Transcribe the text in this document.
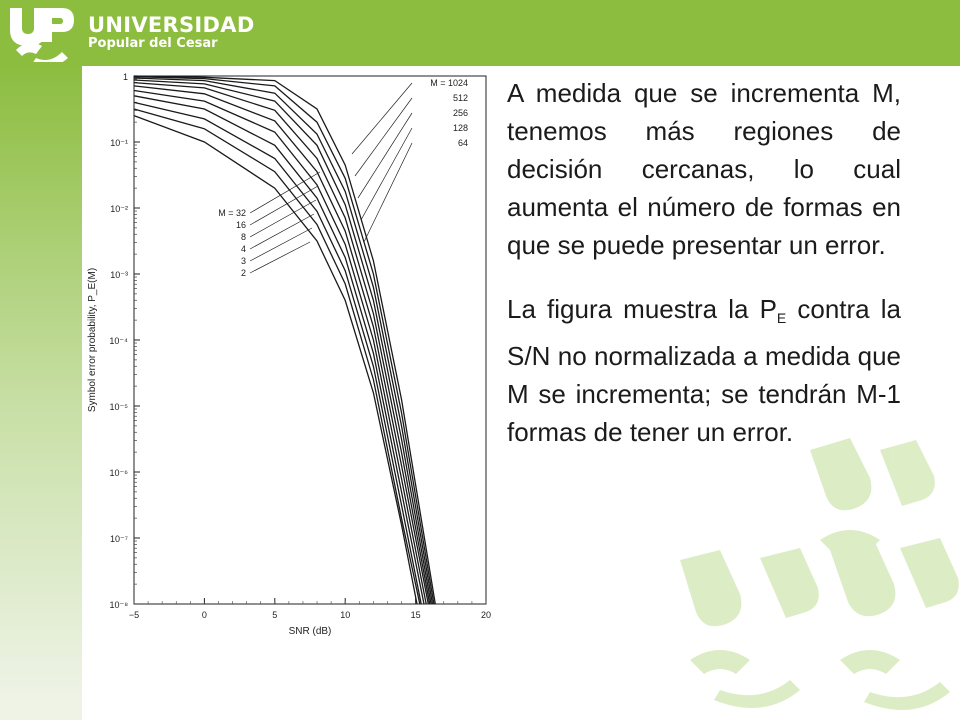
UNIVERSIDAD
Popular del Cesar
1
10⁻¹
10⁻²
10⁻³
10⁻⁴
10⁻⁵
10⁻⁶
10⁻⁷
10⁻⁸
−5	0	5	10	15	20
SNR (dB)
Symbol error probability, P_E(M)
M = 1024
512
256
128
64
M = 32
16
8
4
3
2

A medida que se incrementa M, tenemos más regiones de decisión cercanas, lo cual aumenta el número de formas en que se puede presentar un error.

La figura muestra la $P_E$ contra la S/N no normalizada a medida que M se incrementa; se tendrán M-1 formas de tener un error.
